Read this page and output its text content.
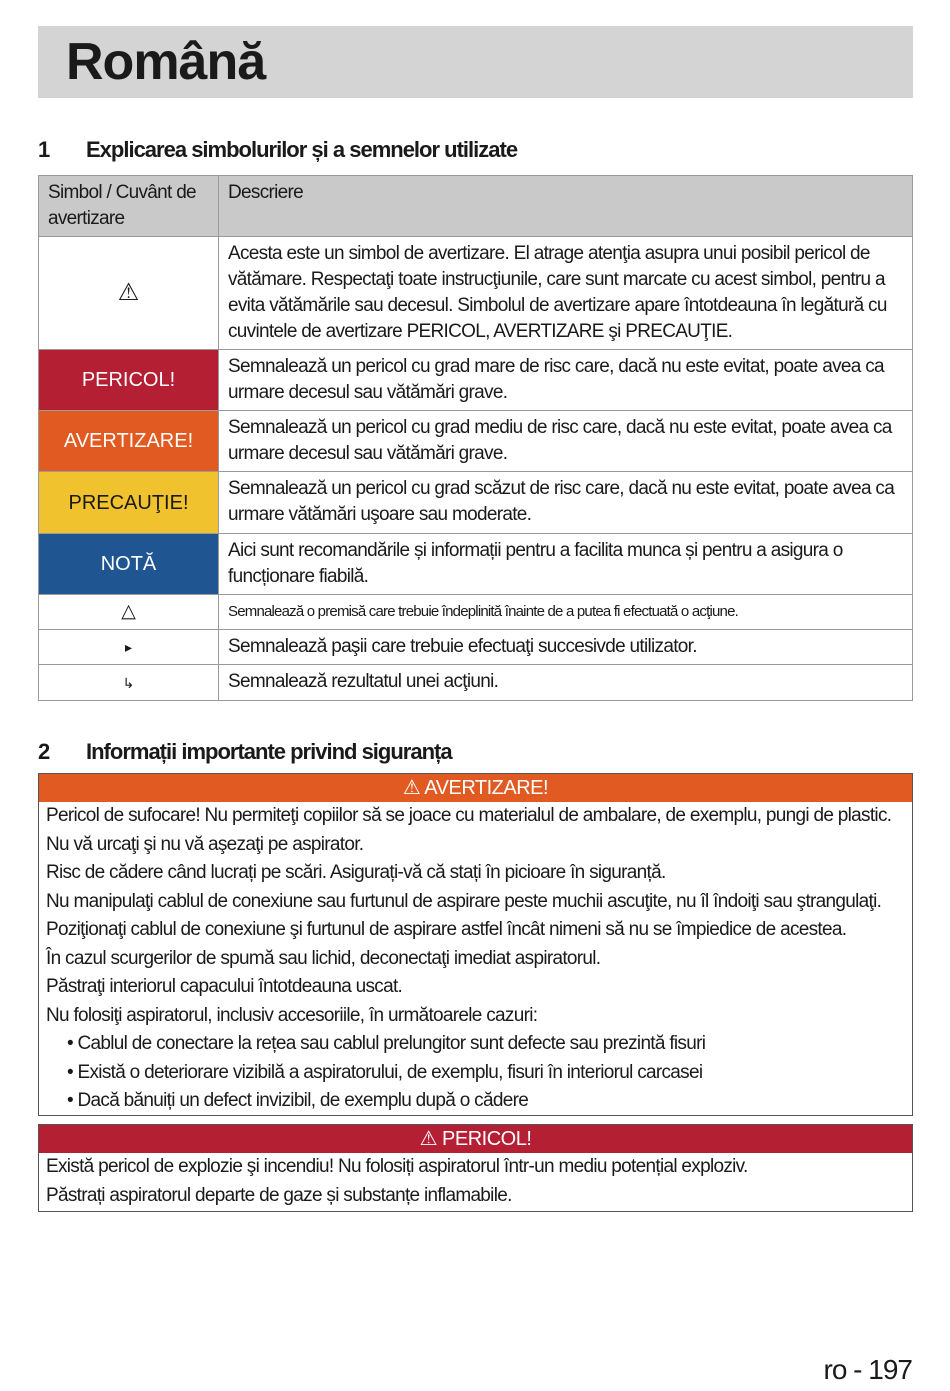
Română
1 Explicarea simbolurilor și a semnelor utilizate
Simbol / Cuvânt de avertizare	Descriere
⚠	Acesta este un simbol de avertizare. El atrage atenţia asupra unui posibil pericol de vătămare. Respectaţi toate instrucţiunile, care sunt marcate cu acest simbol, pentru a evita vătămările sau decesul. Simbolul de avertizare apare întotdeauna în legătură cu cuvintele de avertizare PERICOL, AVERTIZARE şi PRECAUŢIE.
PERICOL!	Semnalează un pericol cu grad mare de risc care, dacă nu este evitat, poate avea ca urmare decesul sau vătămări grave.
AVERTIZARE!	Semnalează un pericol cu grad mediu de risc care, dacă nu este evitat, poate avea ca urmare decesul sau vătămări grave.
PRECAUŢIE!	Semnalează un pericol cu grad scăzut de risc care, dacă nu este evitat, poate avea ca urmare vătămări uşoare sau moderate.
NOTĂ	Aici sunt recomandările și informații pentru a facilita munca și pentru a asigura o funcționare fiabilă.
△	Semnalează o premisă care trebuie îndeplinită înainte de a putea fi efectuată o acţiune.
▸	Semnalează paşii care trebuie efectuaţi succesivde utilizator.
↳	Semnalează rezultatul unei acţiuni.
2 Informații importante privind siguranța
⚠ AVERTIZARE!

Pericol de sufocare! Nu permiteţi copiilor să se joace cu materialul de ambalare, de exemplu, pungi de plastic.

Nu vă urcaţi şi nu vă aşezaţi pe aspirator.

Risc de cădere când lucrați pe scări. Asigurați-vă că stați în picioare în siguranță.

Nu manipulaţi cablul de conexiune sau furtunul de aspirare peste muchii ascuţite, nu îl îndoiţi sau ştrangulaţi.

Poziţionaţi cablul de conexiune şi furtunul de aspirare astfel încât nimeni să nu se împiedice de acestea.

În cazul scurgerilor de spumă sau lichid, deconectaţi imediat aspiratorul.

Păstraţi interiorul capacului întotdeauna uscat.

Nu folosiţi aspiratorul, inclusiv accesoriile, în următoarele cazuri:

• Cablul de conectare la rețea sau cablul prelungitor sunt defecte sau prezintă fisuri

• Există o deteriorare vizibilă a aspiratorului, de exemplu, fisuri în interiorul carcasei

• Dacă bănuiți un defect invizibil, de exemplu după o cădere

⚠ PERICOL!

Există pericol de explozie şi incendiu! Nu folosiți aspiratorul într-un mediu potențial exploziv.

Păstrați aspiratorul departe de gaze și substanțe inflamabile.

ro - 197
